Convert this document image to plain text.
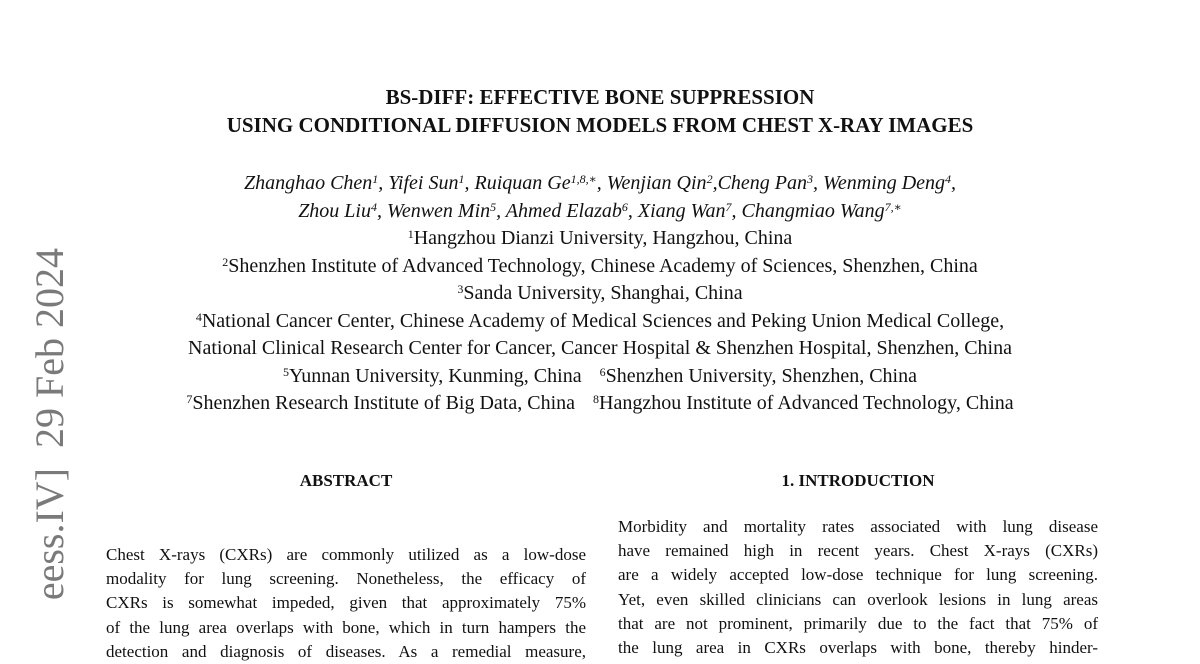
eess.IV]29 Feb 2024
BS-DIFF: EFFECTIVE BONE SUPPRESSION
USING CONDITIONAL DIFFUSION MODELS FROM CHEST X-RAY IMAGES
Zhanghao Chen$^1$, Yifei Sun$^1$, Ruiquan $Ge^{1,8,∗}$, Wenjian Qin$^2$,Cheng Pan$^3$, Wenming Deng$^4$,
Zhou Liu$^4$, Wenwen Min$^5$, Ahmed Elazab$^6$, Xiang Wan$^7$, Changmiao Wang$^{7,∗}$
$^1$Hangzhou Dianzi University, Hangzhou, China
$^2$Shenzhen Institute of Advanced Technology, Chinese Academy of Sciences, Shenzhen, China
$^3$Sanda University, Shanghai, China
$^4$National Cancer Center, Chinese Academy of Medical Sciences and Peking Union Medical College,
National Clinical Research Center for Cancer, Cancer Hospital & Shenzhen Hospital, Shenzhen, China
$^5$Yunnan University, Kunming, China $^6$Shenzhen University, Shenzhen, China
$^7$Shenzhen Research Institute of Big Data, China $^8$Hangzhou Institute of Advanced Technology, China
ABSTRACT	1. INTRODUCTION
Chest X-rays (CXRs) are commonly utilized as a low-dose
modality for lung screening. Nonetheless, the efficacy of
CXRs is somewhat impeded, given that approximately 75%
of the lung area overlaps with bone, which in turn hampers the
detection and diagnosis of diseases. As a remedial measure,
Morbidity and mortality rates associated with lung disease
have remained high in recent years. Chest X-rays (CXRs)
are a widely accepted low-dose technique for lung screening.
Yet, even skilled clinicians can overlook lesions in lung areas
that are not prominent, primarily due to the fact that 75% of
the lung area in CXRs overlaps with bone, thereby hinder-
